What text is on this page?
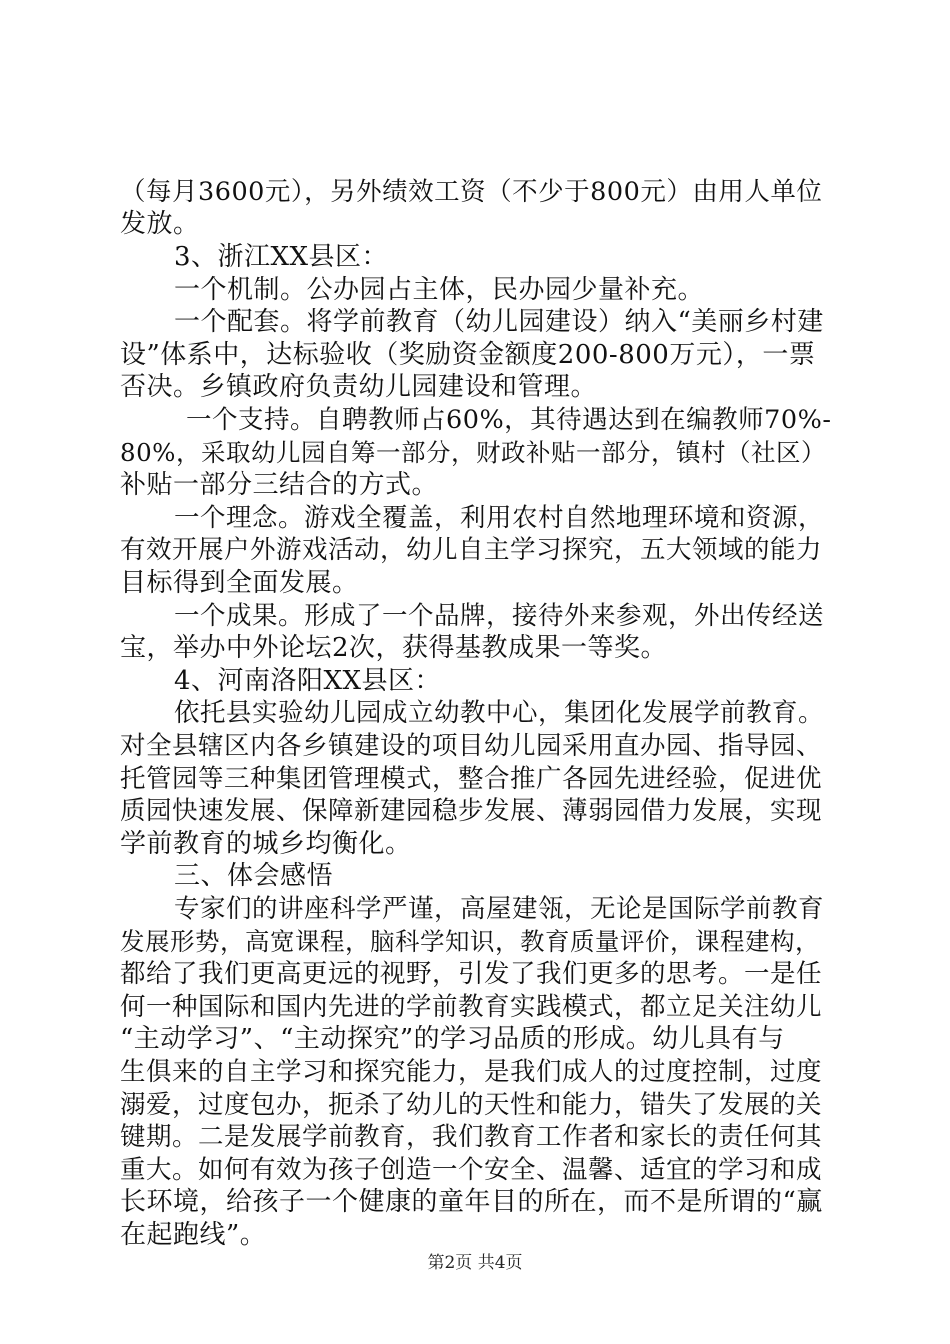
（每月3600元），另外绩效工资（不少于800元）由用人单位
发放。
3、浙江XX县区：
一个机制。公办园占主体，民办园少量补充。
一个配套。将学前教育（幼儿园建设）纳入“美丽乡村建
设”体系中，达标验收（奖励资金额度200-800万元），一票
否决。乡镇政府负责幼儿园建设和管理。
一个支持。自聘教师占60%，其待遇达到在编教师70%-
80%，采取幼儿园自筹一部分，财政补贴一部分，镇村（社区）
补贴一部分三结合的方式。
一个理念。游戏全覆盖，利用农村自然地理环境和资源，
有效开展户外游戏活动，幼儿自主学习探究，五大领域的能力
目标得到全面发展。
一个成果。形成了一个品牌，接待外来参观，外出传经送
宝，举办中外论坛2次，获得基教成果一等奖。
4、河南洛阳XX县区：
依托县实验幼儿园成立幼教中心，集团化发展学前教育。
对全县辖区内各乡镇建设的项目幼儿园采用直办园、指导园、
托管园等三种集团管理模式，整合推广各园先进经验，促进优
质园快速发展、保障新建园稳步发展、薄弱园借力发展，实现
学前教育的城乡均衡化。
三、体会感悟
专家们的讲座科学严谨，高屋建瓴，无论是国际学前教育
发展形势，高宽课程，脑科学知识，教育质量评价，课程建构，
都给了我们更高更远的视野，引发了我们更多的思考。一是任
何一种国际和国内先进的学前教育实践模式，都立足关注幼儿
“主动学习”、“主动探究”的学习品质的形成。幼儿具有与
生俱来的自主学习和探究能力，是我们成人的过度控制，过度
溺爱，过度包办，扼杀了幼儿的天性和能力，错失了发展的关
键期。二是发展学前教育，我们教育工作者和家长的责任何其
重大。如何有效为孩子创造一个安全、温馨、适宜的学习和成
长环境，给孩子一个健康的童年目的所在，而不是所谓的“赢
在起跑线”。
第2页 共4页
